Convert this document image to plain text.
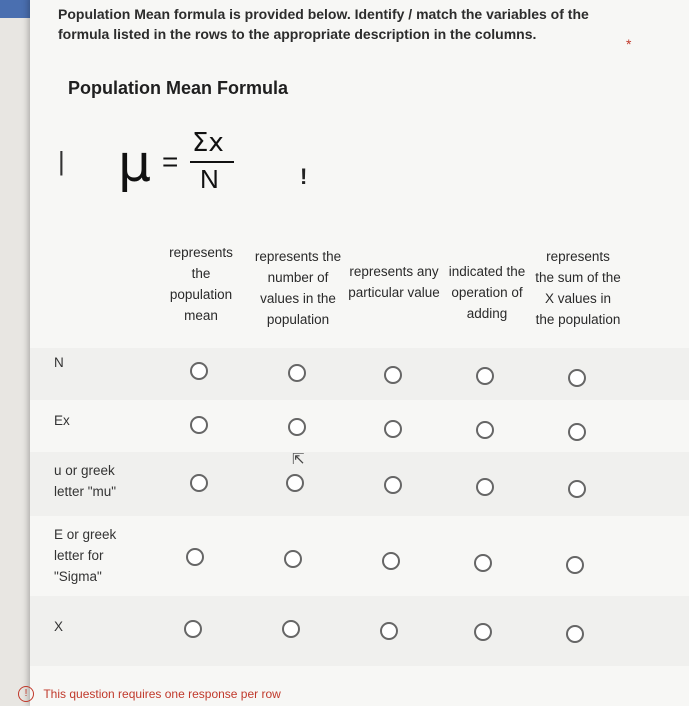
Population Mean formula is provided below. Identify / match the variables of the formula listed in the rows to the appropriate description in the columns.
*
Population Mean Formula
| μ =
Σx
N	!
represents the population mean
represents the number of values in the population
represents any particular value
indicated the operation of adding
represents the sum of the X values in the population
N
Ex
u or greek letter "mu"
E or greek letter for "Sigma"
X
⇱
! This question requires one response per row
